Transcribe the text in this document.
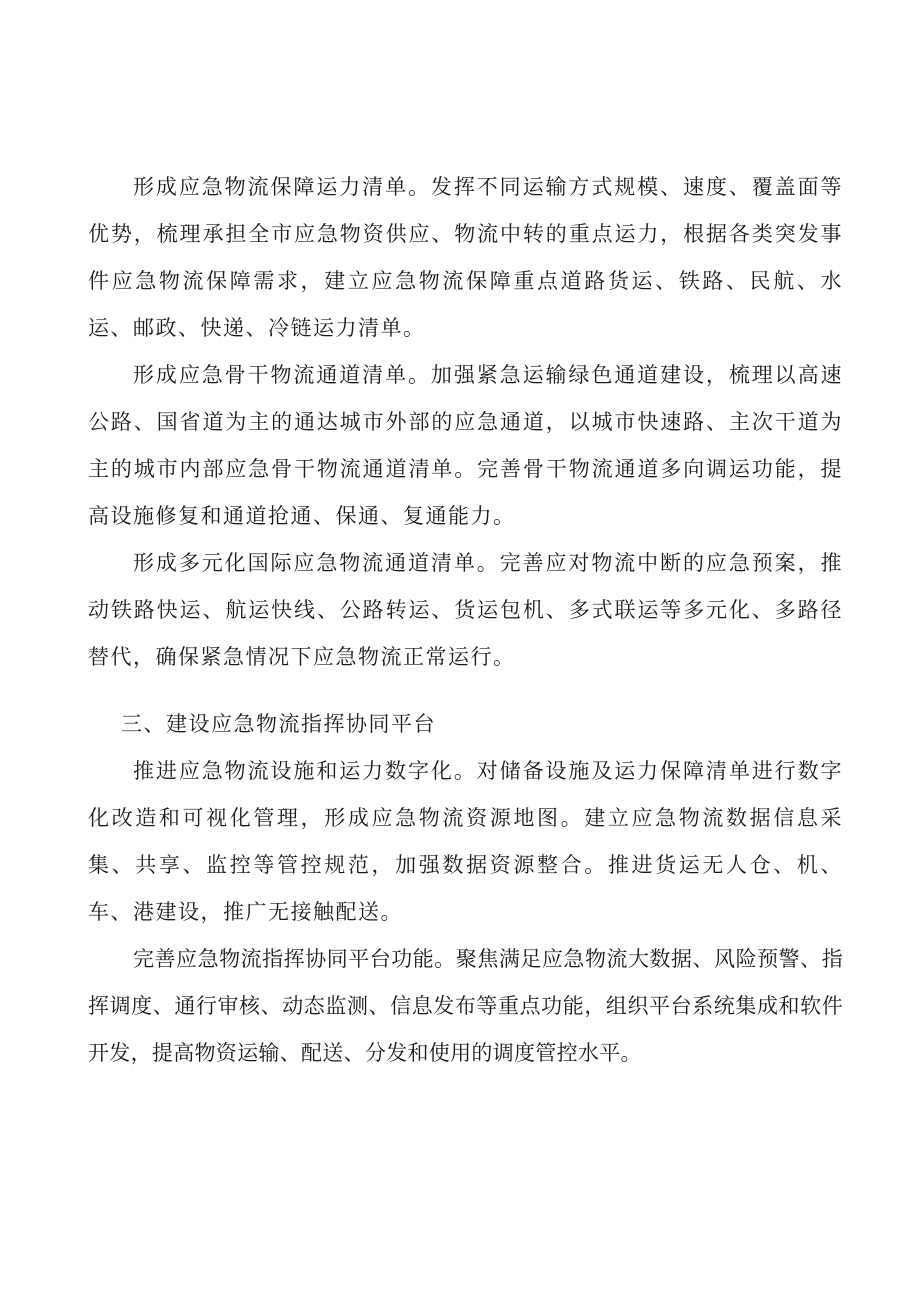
形成应急物流保障运力清单。发挥不同运输方式规模、速度、覆盖面等优势，梳理承担全市应急物资供应、物流中转的重点运力，根据各类突发事件应急物流保障需求，建立应急物流保障重点道路货运、铁路、民航、水运、邮政、快递、冷链运力清单。

形成应急骨干物流通道清单。加强紧急运输绿色通道建设，梳理以高速公路、国省道为主的通达城市外部的应急通道，以城市快速路、主次干道为主的城市内部应急骨干物流通道清单。完善骨干物流通道多向调运功能，提高设施修复和通道抢通、保通、复通能力。

形成多元化国际应急物流通道清单。完善应对物流中断的应急预案，推动铁路快运、航运快线、公路转运、货运包机、多式联运等多元化、多路径替代，确保紧急情况下应急物流正常运行。

三、建设应急物流指挥协同平台

推进应急物流设施和运力数字化。对储备设施及运力保障清单进行数字化改造和可视化管理，形成应急物流资源地图。建立应急物流数据信息采集、共享、监控等管控规范，加强数据资源整合。推进货运无人仓、机、车、港建设，推广无接触配送。

完善应急物流指挥协同平台功能。聚焦满足应急物流大数据、风险预警、指挥调度、通行审核、动态监测、信息发布等重点功能，组织平台系统集成和软件开发，提高物资运输、配送、分发和使用的调度管控水平。
